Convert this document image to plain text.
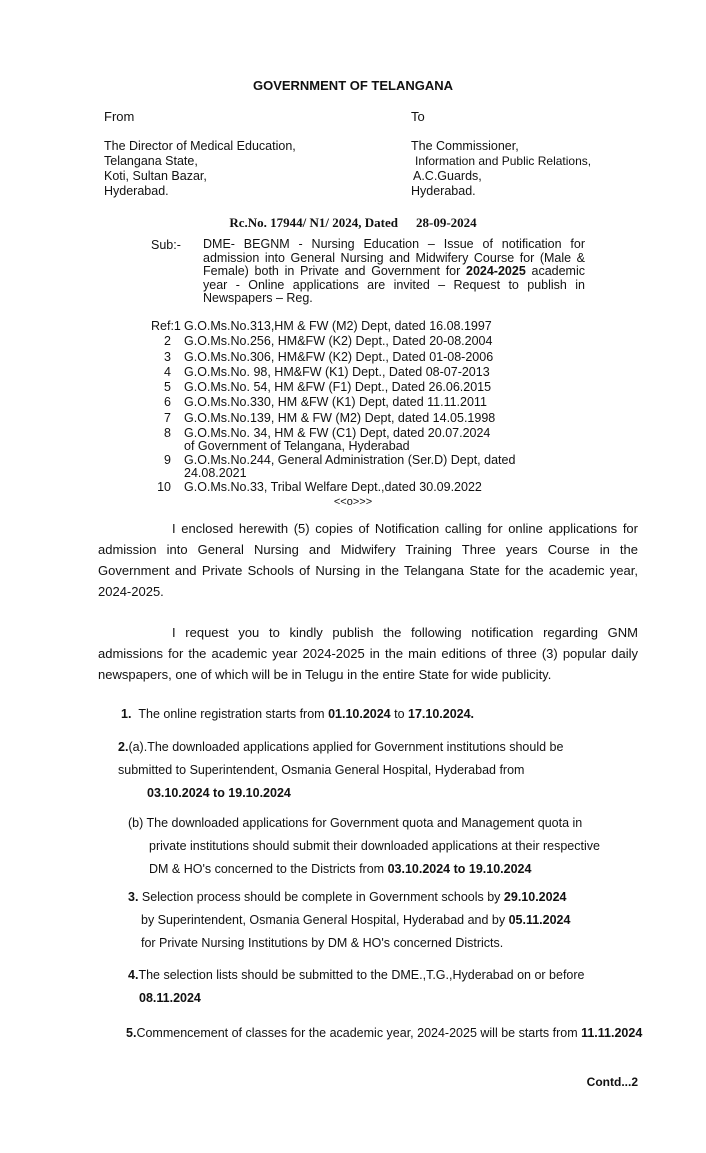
GOVERNMENT OF TELANGANA
From	To
The Director of Medical Education,
Telangana State,
Koti, Sultan Bazar,
Hyderabad.
The Commissioner,
Information and Public Relations,
A.C.Guards,
Hyderabad.
Rc.No. 17944/ N1/ 2024, Dated 28-09-2024
Sub:- DME- BEGNM - Nursing Education – Issue of notification for admission into General Nursing and Midwifery Course for (Male & Female) both in Private and Government for 2024-2025 academic year - Online applications are invited – Request to publish in Newspapers – Reg.
Ref:1 G.O.Ms.No.313,HM & FW (M2) Dept, dated 16.08.1997
2	G.O.Ms.No.256, HM&FW (K2) Dept., Dated 20-08.2004
3	G.O.Ms.No.306, HM&FW (K2) Dept., Dated 01-08-2006
4	G.O.Ms.No. 98, HM&FW (K1) Dept., Dated 08-07-2013
5	G.O.Ms.No. 54, HM &FW (F1) Dept., Dated 26.06.2015
6	G.O.Ms.No.330, HM &FW (K1) Dept, dated 11.11.2011
7	G.O.Ms.No.139, HM & FW (M2) Dept, dated 14.05.1998
8	G.O.Ms.No. 34, HM & FW (C1) Dept, dated 20.07.2024 of Government of Telangana, Hyderabad
9	G.O.Ms.No.244, General Administration (Ser.D) Dept, dated 24.08.2021
10	G.O.Ms.No.33, Tribal Welfare Dept.,dated 30.09.2022
<<o>>>
I enclosed herewith (5) copies of Notification calling for online applications for admission into General Nursing and Midwifery Training Three years Course in the Government and Private Schools of Nursing in the Telangana State for the academic year, 2024-2025.
I request you to kindly publish the following notification regarding GNM admissions for the academic year 2024-2025 in the main editions of three (3) popular daily newspapers, one of which will be in Telugu in the entire State for wide publicity.
1. The online registration starts from 01.10.2024 to 17.10.2024.
2.(a).The downloaded applications applied for Government institutions should be submitted to Superintendent, Osmania General Hospital, Hyderabad from
03.10.2024 to 19.10.2024
(b) The downloaded applications for Government quota and Management quota in private institutions should submit their downloaded applications at their respective DM & HO's concerned to the Districts from 03.10.2024 to 19.10.2024
3. Selection process should be complete in Government schools by 29.10.2024
by Superintendent, Osmania General Hospital, Hyderabad and by 05.11.2024
for Private Nursing Institutions by DM & HO's concerned Districts.
4.The selection lists should be submitted to the DME.,T.G.,Hyderabad on or before
08.11.2024
5.Commencement of classes for the academic year, 2024-2025 will be starts from 11.11.2024
Contd...2
